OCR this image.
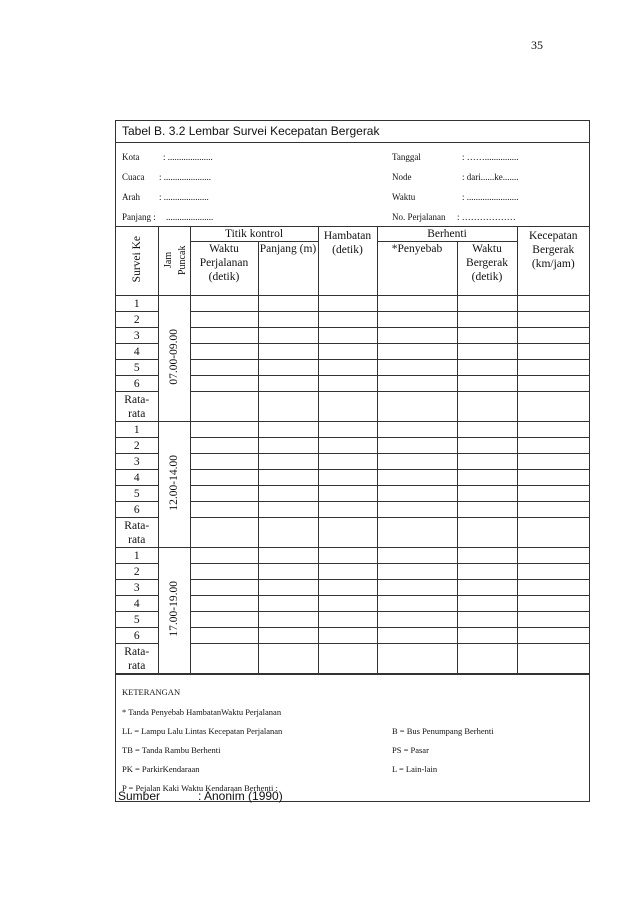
35
Tabel B. 3.2 Lembar Survei Kecepatan Bergerak
Kota	: ....................
Cuaca : .....................
Arah : ....................
Panjang : .....................
Tanggal	: ……...............
Node	: dari......ke.......
Waktu	: .......................
No. Perjalanan : ………………
Survei Ke	Jam Puncak	Titik kontrol		Hambatan (detik)	Berhenti		Kecepatan Bergerak (km/jam)
		Waktu Perjalanan (detik)	Panjang (m)		*Penyebab	Waktu Bergerak (detik)	
1	07.00-09.00						
2							
3							
4							
5							
6							
Rata-rata							
1	12.00-14.00						
2							
3							
4							
5							
6							
Rata-rata							
1	17.00-19.00						
2							
3							
4							
5							
6							
Rata-rata							
KETERANGAN
* Tanda Penyebab HambatanWaktu Perjalanan
LL = Lampu Lalu Lintas Kecepatan Perjalanan	B = Bus Penumpang Berhenti
TB = Tanda Rambu Berhenti	PS = Pasar
PK = ParkirKendaraan	L = Lain-lain
P = Pejalan Kaki Waktu Kendaraan Berhenti :
Sumber	: Anonim (1990)
